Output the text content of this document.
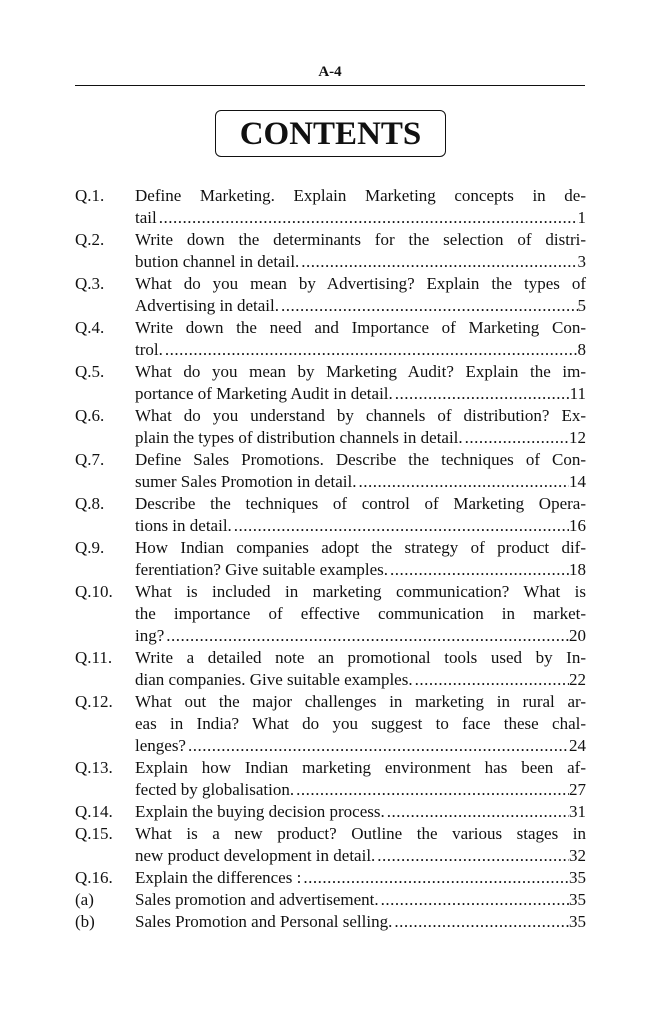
A-4
CONTENTS
Q.1.	Define Marketing. Explain Marketing concepts in de-
tail .....	1
Q.2.	Write down the determinants for the selection of distri-
bution channel in detail. .....	3
Q.3.	What do you mean by Advertising? Explain the types of
Advertising in detail. .....	5
Q.4.	Write down the need and Importance of Marketing Con-
trol. .....	8
Q.5.	What do you mean by Marketing Audit? Explain the im-
portance of Marketing Audit in detail. .....	11
Q.6.	What do you understand by channels of distribution? Ex-
plain the types of distribution channels in detail. .....	12
Q.7.	Define Sales Promotions. Describe the techniques of Con-
sumer Sales Promotion in detail. .....	14
Q.8.	Describe the techniques of control of Marketing Opera-
tions in detail. .....	16
Q.9.	How Indian companies adopt the strategy of product dif-
ferentiation? Give suitable examples. .....	18
Q.10.	What is included in marketing communication? What is
the importance of effective communication in market-
ing? .....	20
Q.11.	Write a detailed note an promotional tools used by In-
dian companies. Give suitable examples. .....	22
Q.12.	What out the major challenges in marketing in rural ar-
eas in India? What do you suggest to face these chal-
lenges? .....	24
Q.13.	Explain how Indian marketing environment has been af-
fected by globalisation. .....	27
Q.14.	Explain the buying decision process. .....	31
Q.15.	What is a new product? Outline the various stages in
new product development in detail. .....	32
Q.16.	Explain the differences : .....	35
(a)	Sales promotion and advertisement. .....	35
(b)	Sales Promotion and Personal selling. .....	35
